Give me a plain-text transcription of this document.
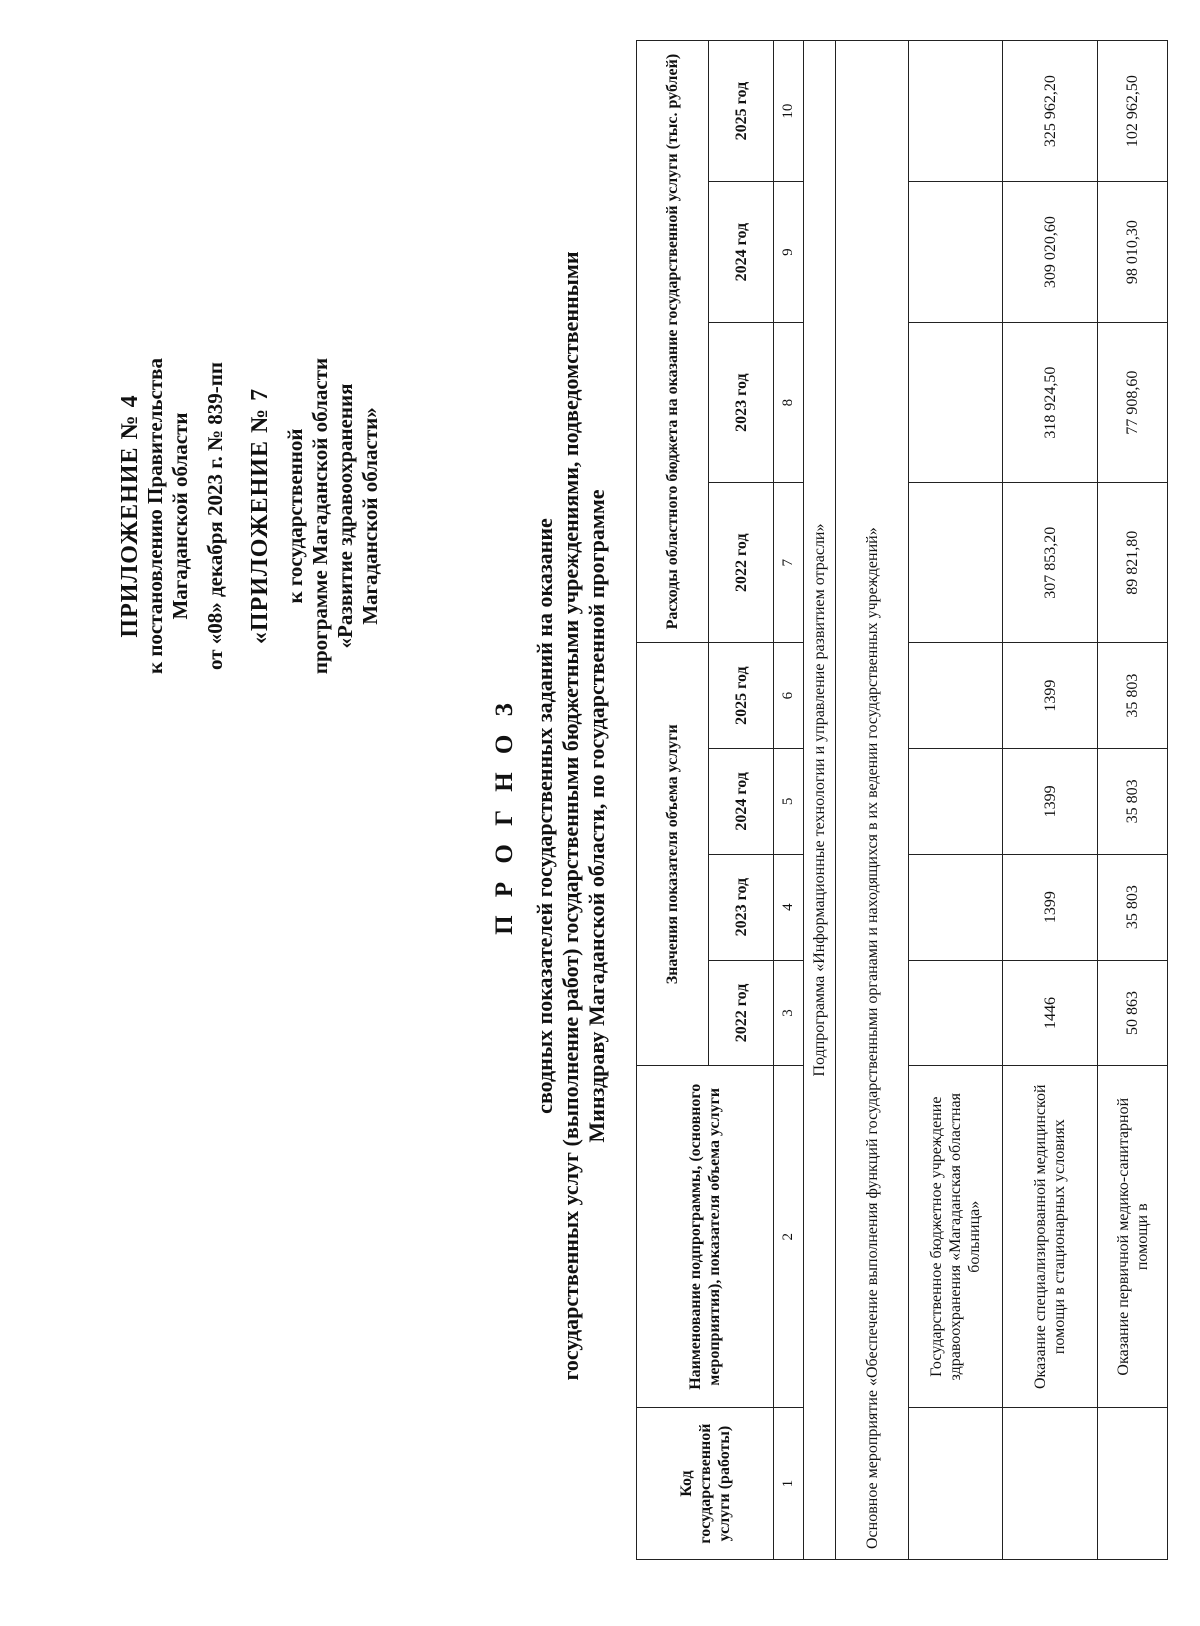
ПРИЛОЖЕНИЕ № 4 к постановлению Правительства Магаданской области от «08» декабря 2023 г. № 839-пп «ПРИЛОЖЕНИЕ № 7 к государственной программе Магаданской области «Развитие здравоохранения Магаданской области»

П Р О Г Н О З сводных показателей государственных заданий на оказание государственных услуг (выполнение работ) государственными бюджетными учреждениями, подведомственными Минздраву Магаданской области, по государственной программе

Код государственной услуги (работы)	Наименование подпрограммы, (основного мероприятия), показателя объема услуги	Значения показателя объема услуги				Расходы областного бюджета на оказание государственной услуги (тыс. рублей)			
		2022 год	2023 год	2024 год	2025 год	2022 год	2023 год	2024 год	2025 год
1	2	3	4	5	6	7	8	9	10
Подпрограмма «Информационные технологии и управление развитием отрасли»									
Основное мероприятие «Обеспечение выполнения функций государственными органами и находящихся в их ведении государственных учреждений»									
	Государственное бюджетное учреждение здравоохранения «Магаданская областная больница»								
	Оказание специализированной медицинской помощи в стационарных условиях	1446	1399	1399	1399	307 853,20	318 924,50	309 020,60	325 962,20
	Оказание первичной медико-санитарной помощи в	50 863	35 803	35 803	35 803	89 821,80	77 908,60	98 010,30	102 962,50
